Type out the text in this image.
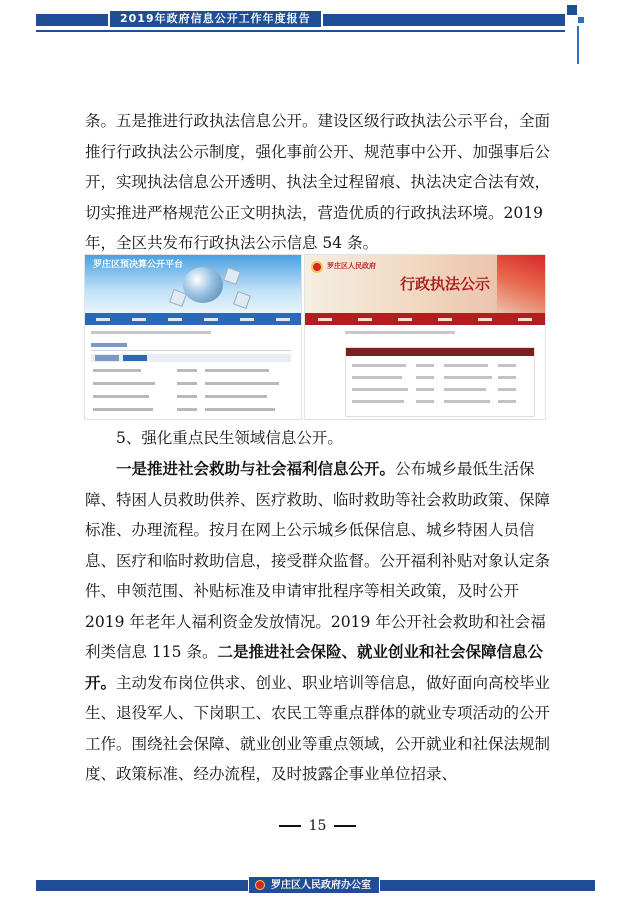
2019年政府信息公开工作年度报告

条。五是推进行政执法信息公开。建设区级行政执法公示平台，全面推行行政执法公示制度，强化事前公开、规范事中公开、加强事后公开，实现执法信息公开透明、执法全过程留痕、执法决定合法有效，切实推进严格规范公正文明执法，营造优质的行政执法环境。2019 年，全区共发布行政执法公示信息 54 条。

罗庄区预决算公开平台	罗庄区人民政府
行政执法公示

5、强化重点民生领域信息公开。

一是推进社会救助与社会福利信息公开。公布城乡最低生活保障、特困人员救助供养、医疗救助、临时救助等社会救助政策、保障标准、办理流程。按月在网上公示城乡低保信息、城乡特困人员信息、医疗和临时救助信息，接受群众监督。公开福利补贴对象认定条件、申领范围、补贴标准及申请审批程序等相关政策，及时公开 2019 年老年人福利资金发放情况。2019 年公开社会救助和社会福利类信息 115 条。二是推进社会保险、就业创业和社会保障信息公开。主动发布岗位供求、创业、职业培训等信息，做好面向高校毕业生、退役军人、下岗职工、农民工等重点群体的就业专项活动的公开工作。围绕社会保障、就业创业等重点领域，公开就业和社保法规制度、政策标准、经办流程，及时披露企事业单位招录、

15
罗庄区人民政府办公室
